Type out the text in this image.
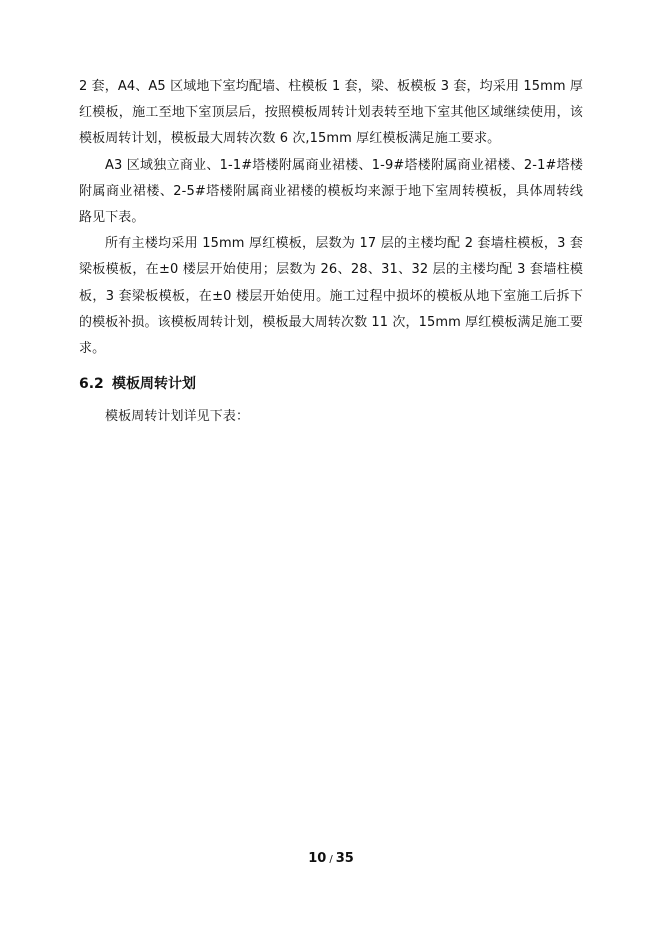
2 套，A4、A5 区域地下室均配墙、柱模板 1 套，梁、板模板 3 套，均采用 15mm 厚红模板，施工至地下室顶层后，按照模板周转计划表转至地下室其他区域继续使用，该模板周转计划，模板最大周转次数 6 次,15mm 厚红模板满足施工要求。

A3 区域独立商业、1-1#塔楼附属商业裙楼、1-9#塔楼附属商业裙楼、2-1#塔楼附属商业裙楼、2-5#塔楼附属商业裙楼的模板均来源于地下室周转模板，具体周转线路见下表。

所有主楼均采用 15mm 厚红模板，层数为 17 层的主楼均配 2 套墙柱模板，3 套梁板模板，在±0 楼层开始使用；层数为 26、28、31、32 层的主楼均配 3 套墙柱模板，3 套梁板模板，在±0 楼层开始使用。施工过程中损坏的模板从地下室施工后拆下的模板补损。该模板周转计划，模板最大周转次数 11 次，15mm 厚红模板满足施工要求。

6.2 模板周转计划

模板周转计划详见下表：

10 / 35
